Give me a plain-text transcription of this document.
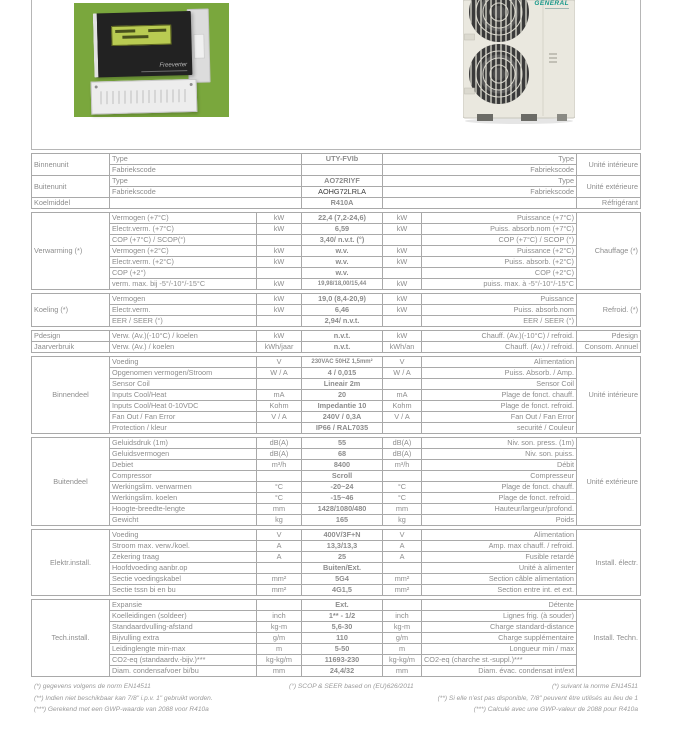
Freeverter
GENERAL
Binnenunit	Type	UTY-FVIb	Type	Unité intérieure
	Fabriekscode		Fabriekscode	
Buitenunit	Type	AO72RIYF	Type	Unité extérieure
	Fabriekscode	AOHG72LRLA	Fabriekscode	
Koelmiddel		R410A		Réfrigérant
Verwarming (*)	Vermogen (+7°C)	kW	22,4 (7,2-24,6)	kW	Puissance (+7°C)	Chauffage (*)
	Electr.verm. (+7°C)	kW	6,59	kW	Puiss. absorb.nom (+7°C)	
	COP (+7°C) / SCOP(°)		3,40/ n.v.t. (°)		COP (+7°C) / SCOP (°)	
	Vermogen (+2°C)	kW	w.v.	kW	Puissance (+2°C)	
	Electr.verm. (+2°C)	kW	w.v.	kW	Puiss. absorb. (+2°C)	
	COP (+2°)		w.v.		COP (+2°C)	
	verm. max. bij -5°/-10°/-15°C	kW	19,98/18,00/15,44	kW	puiss. max. à -5°/-10°/-15°C	
Koeling (*)	Vermogen	kW	19,0 (8,4-20,9)	kW	Puissance	Refroid. (*)
	Electr.verm.	kW	6,46	kW	Puiss. absorb.nom	
	EER / SEER (°)		2,94/ n.v.t.		EER / SEER (°)	
Pdesign	Verw. (Av.)(-10°C) / koelen	kW	n.v.t.	kW	Chauff. (Av.)(-10°C) / refroid.	Pdesign
Jaarverbruik	Verw. (Av.) / koelen	kWh/jaar	n.v.t.	kWh/an	Chauff. (Av.) / refroid.	Consom. Annuel
Binnendeel	Voeding	V	230VAC 50HZ 1,5mm²	V	Alimentation	Unité intérieure
	Opgenomen vermogen/Stroom	W / A	4 / 0,015	W / A	Puiss. Absorb. / Amp.	
	Sensor Coil		Lineair 2m		Sensor Coil	
	Inputs Cool/Heat	mA	20	mA	Plage de fonct. chauff.	
	Inputs Cool/Heat 0-10VDC	Kohm	Impedantie 10	Kohm	Plage de fonct. refroid.	
	Fan Out / Fan Error	V / A	240V / 0,3A	V / A	Fan Out / Fan Error	
	Protection / kleur		IP66 / RAL7035		securité / Couleur	
Buitendeel	Geluidsdruk (1m)	dB(A)	55	dB(A)	Niv. son. press. (1m)	Unité extérieure
	Geluidsvermogen	dB(A)	68	dB(A)	Niv. son. puiss.	
	Debiet	m³/h	8400	m³/h	Débit	
	Compressor		Scroll		Compresseur	
	Werkingslim. verwarmen	°C	-20~24	°C	Plage de fonct. chauff.	
	Werkingslim. koelen	°C	-15~46	°C	Plage de fonct. refroid..	
	Hoogte-breedte-lengte	mm	1428/1080/480	mm	Hauteur/largeur/profond.	
	Gewicht	kg	165	kg	Poids	
Elektr.install.	Voeding	V	400V/3F+N	V	Alimentation	Install. électr.
	Stroom max. verw./koel.	A	13,3/13,3	A	Amp. max chauff. / refroid.	
	Zekering traag	A	25	A	Fusible retardé	
	Hoofdvoeding aanbr.op		Buiten/Ext.		Unité à alimenter	
	Sectie voedingskabel	mm²	5G4	mm²	Section câble alimentation	
	Sectie tssn bi en bu	mm²	4G1,5	mm²	Section entre int. et ext.	
Tech.install.	Expansie		Ext.		Détente	Install. Techn.
	Koelleidingen (soldeer)	inch	1** - 1/2	inch	Lignes frig. (à souder)	
	Standaardvulling-afstand	kg-m	5,6-30	kg-m	Charge standard-distance	
	Bijvulling extra	g/m	110	g/m	Charge supplémentaire	
	Leidinglengte min-max	m	5-50	m	Longueur min / max	
	CO2-eq (standaardv.-bijv.)***	kg-kg/m	11693-230	kg-kg/m	CO2-eq (charche st.-suppl.)***	
	Diam. condensafvoer bi/bu	mm	24,4/32	mm	Diam. évac. condensat int/ext	
(*) gegevens volgens de norm EN14511	(°) SCOP & SEER based on (EU)626/2011	(*) suivant la norme EN14511
(**) Indien niet beschikbaar kan 7/8" i.p.v. 1" gebruikt worden.	(**) Si elle n'est pas disponible, 7/8" peuvent être utilisés au lieu de 1
(***) Gerekend met een GWP-waarde van 2088 voor R410a	(***) Calculé avec une GWP-valeur de 2088 pour R410a
